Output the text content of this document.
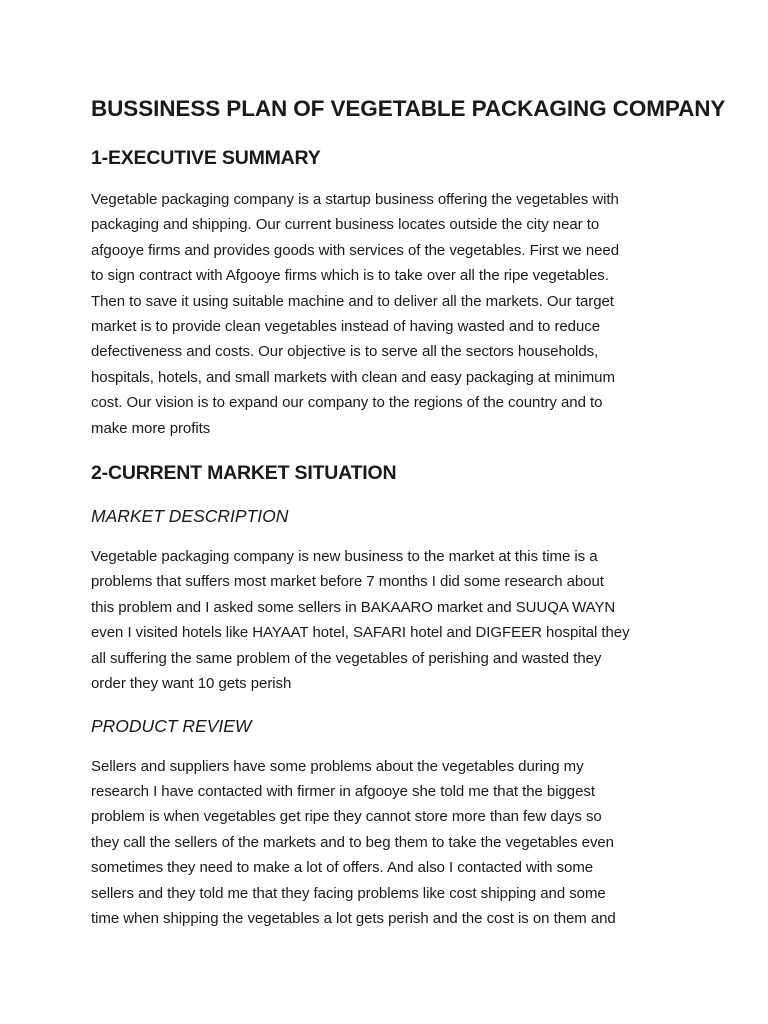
BUSSINESS PLAN OF VEGETABLE PACKAGING COMPANY
1-EXECUTIVE SUMMARY

Vegetable packaging company is a startup business offering the vegetables with
packaging and shipping. Our current business locates outside the city near to
afgooye firms and provides goods with services of the vegetables. First we need
to sign contract with Afgooye firms which is to take over all the ripe vegetables.
Then to save it using suitable machine and to deliver all the markets. Our target
market is to provide clean vegetables instead of having wasted and to reduce
defectiveness and costs. Our objective is to serve all the sectors households,
hospitals, hotels, and small markets with clean and easy packaging at minimum
cost. Our vision is to expand our company to the regions of the country and to
make more profits

2-CURRENT MARKET SITUATION
MARKET DESCRIPTION

Vegetable packaging company is new business to the market at this time is a
problems that suffers most market before 7 months I did some research about
this problem and I asked some sellers in BAKAARO market and SUUQA WAYN
even I visited hotels like HAYAAT hotel, SAFARI hotel and DIGFEER hospital they
all suffering the same problem of the vegetables of perishing and wasted they
order they want 10 gets perish

PRODUCT REVIEW

Sellers and suppliers have some problems about the vegetables during my
research I have contacted with firmer in afgooye she told me that the biggest
problem is when vegetables get ripe they cannot store more than few days so
they call the sellers of the markets and to beg them to take the vegetables even
sometimes they need to make a lot of offers. And also I contacted with some
sellers and they told me that they facing problems like cost shipping and some
time when shipping the vegetables a lot gets perish and the cost is on them and
